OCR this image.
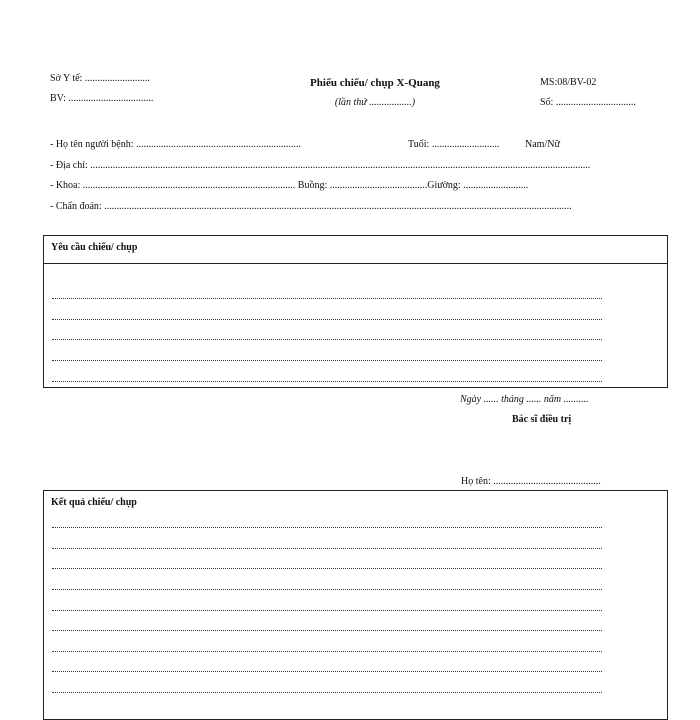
Sở Y tế: ..........................
BV: ..................................
Phiếu chiếu/ chụp X-Quang
(lần thứ .................)
MS:08/BV-02
Số: ................................
- Họ tên người bệnh: ..................................................................	Tuổi: ...........................	Nam/Nữ
- Địa chỉ: ........................................................................................................................................................................................................
- Khoa: ..................................................................................... Buồng: .......................................Giường: ..........................
- Chẩn đoán: ...........................................................................................................................................................................................
Yêu cầu chiếu/ chụp
Ngày ...... tháng ...... năm ..........
Bác sĩ điều trị
Họ tên: ...........................................
Kết quả chiếu/ chụp
